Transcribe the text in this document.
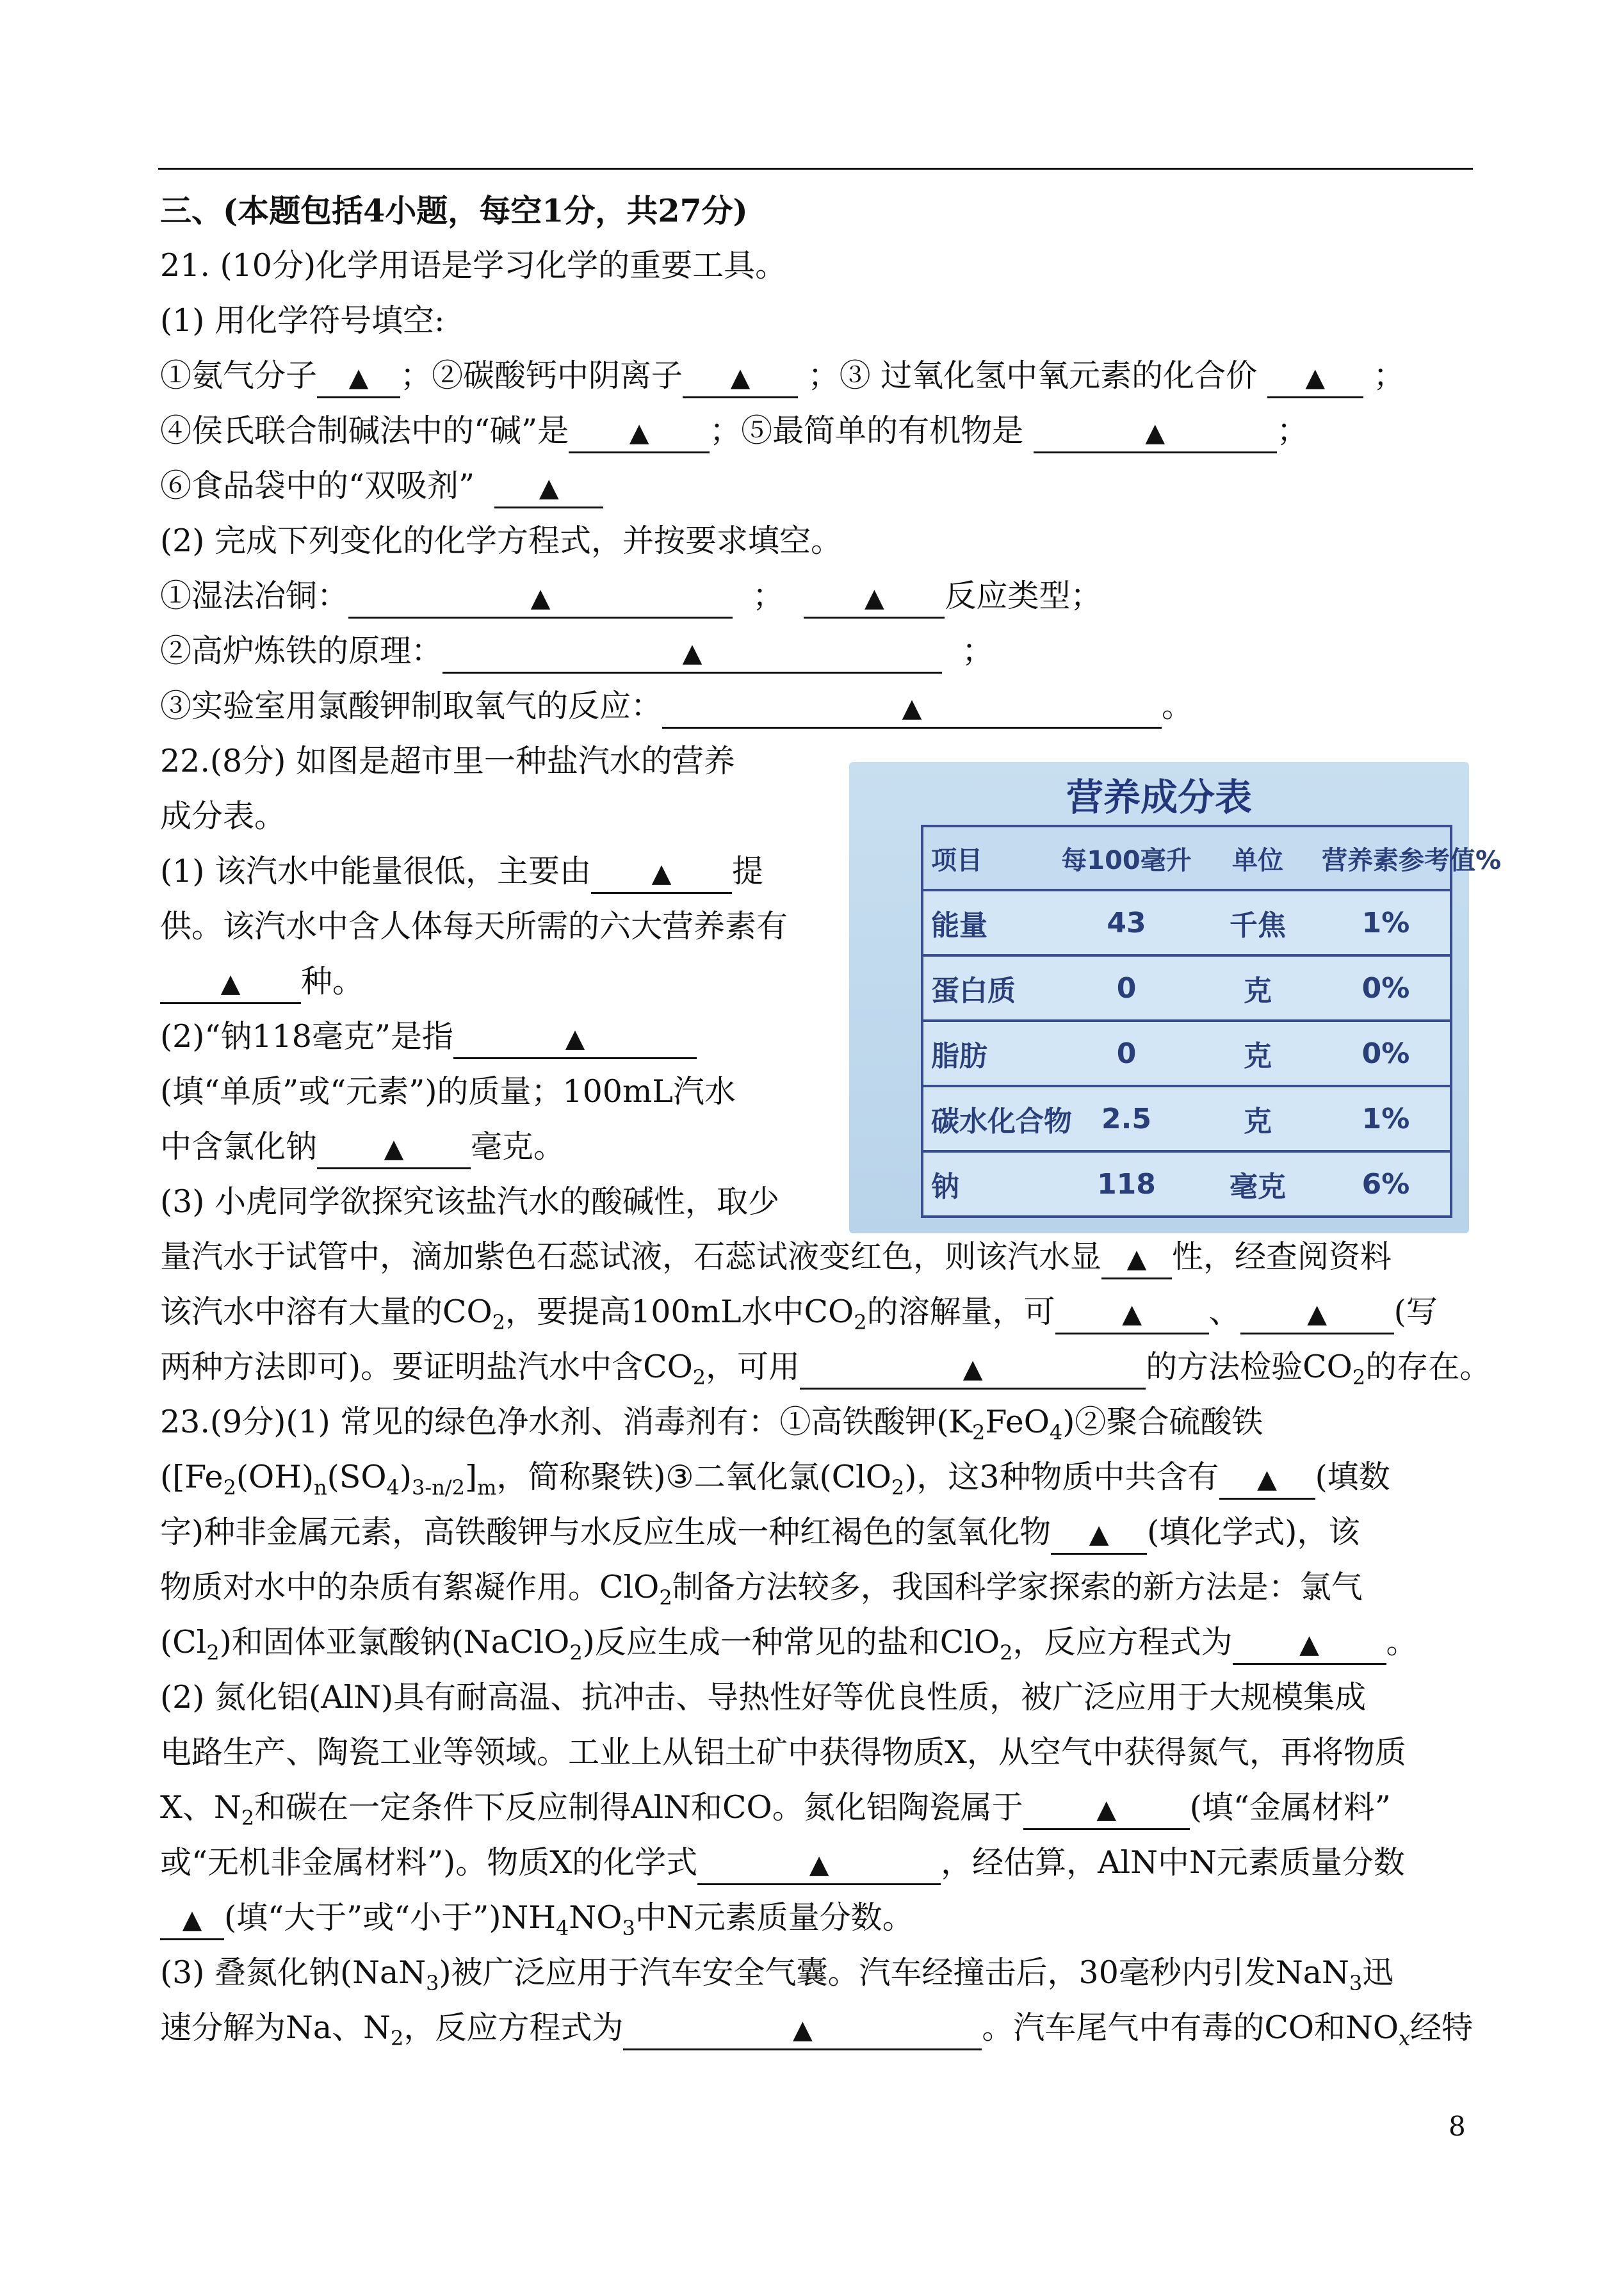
三、(本题包括4小题，每空1分，共27分)
21. (10分)化学用语是学习化学的重要工具。
(1) 用化学符号填空:
①氨气分子 ▲ ；②碳酸钙中阴离子 ▲ ；③ 过氧化氢中氧元素的化合价 ▲ ；
④侯氏联合制碱法中的“碱”是 ▲ ；⑤最简单的有机物是	▲	；
⑥食品袋中的“双吸剂”	▲
(2) 完成下列变化的化学方程式，并按要求填空。
①湿法冶铜：	▲	；	▲ 反应类型；
②高炉炼铁的原理：	▲	；
③实验室用氯酸钾制取氧气的反应：	▲	。
22.(8分) 如图是超市里一种盐汽水的营养
成分表。
(1) 该汽水中能量很低，主要由 ▲ 提
供。该汽水中含人体每天所需的六大营养素有
▲ 种。
(2)“钠118毫克”是指	▲
(填“单质”或“元素”)的质量；100mL汽水
中含氯化钠	▲ 毫克。
(3) 小虎同学欲探究该盐汽水的酸碱性，取少
量汽水于试管中，滴加紫色石蕊试液，石蕊试液变红色，则该汽水显 ▲ 性，经查阅资料
该汽水中溶有大量的$CO_2$，要提高100mL水中$CO_2$的溶解量，可	▲ 、	▲ (写
两种方法即可)。要证明盐汽水中含$CO_2$，可用	▲	的方法检验$CO_2$的存在。
营养成分表
项目	每100毫升	单位	营养素参考值%
能量	43	千焦	1%
蛋白质	0	克	0%
脂肪	0	克	0%
碳水化合物	2.5	克	1%
钠	118	毫克	6%
23.(9分)(1) 常见的绿色净水剂、消毒剂有：①高铁酸钾$(K_2FeO_4)②$聚合硫酸铁
($[Fe_2(OH)_n(SO_4)_{3-n/2}]_m$，简称聚铁)③二氧化氯(ClO$_2$)，这3种物质中共含有 ▲ (填数
字)种非金属元素，高铁酸钾与水反应生成一种红褐色的氢氧化物 ▲ (填化学式)，该
物质对水中的杂质有絮凝作用。ClO$_2$制备方法较多，我国科学家探索的新方法是：氯气
$(Cl_2)$和固体亚氯酸钠(NaClO$_2$)反应生成一种常见的盐和ClO$_2$，反应方程式为	▲ 。
(2) 氮化铝(AlN)具有耐高温、抗冲击、导热性好等优良性质，被广泛应用于大规模集成
电路生产、陶瓷工业等领域。工业上从铝土矿中获得物质X，从空气中获得氮气，再将物质
X、$N_2$和碳在一定条件下反应制得AlN和CO。氮化铝陶瓷属于	▲ (填“金属材料”
或“无机非金属材料”)。物质X的化学式	▲	，经估算，AlN中N元素质量分数
▲ (填“大于”或“小于$”)NH_4NO_3$中N元素质量分数。
(3) 叠氮化钠(NaN$_3$)被广泛应用于汽车安全气囊。汽车经撞击后，30毫秒内引发NaN$_3$迅
速分解为Na、$N_2$，反应方程式为	▲	。汽车尾气中有毒的CO和$NO_x$经特
8
